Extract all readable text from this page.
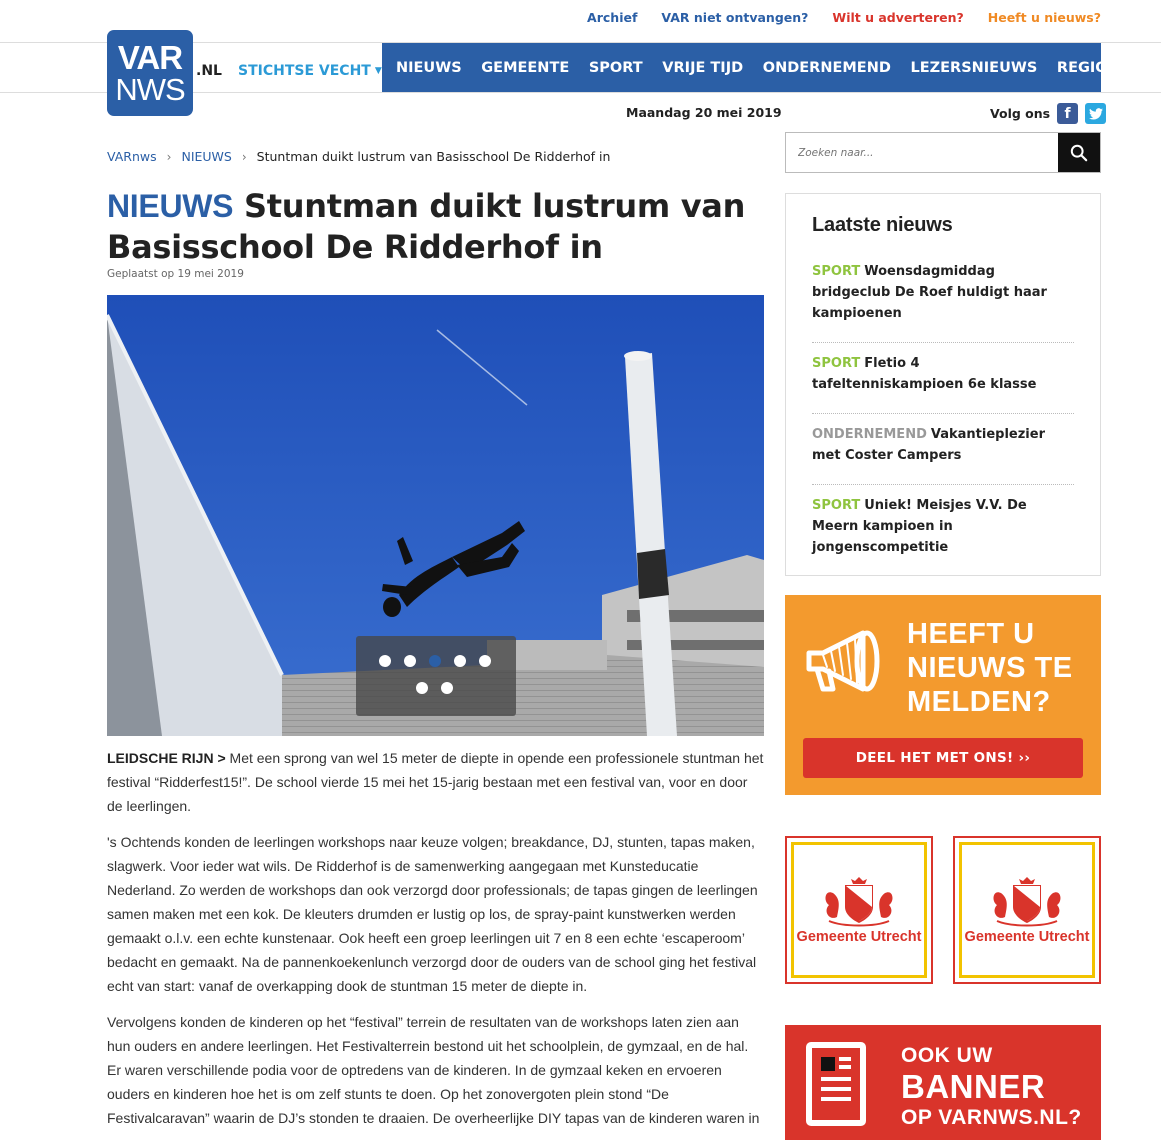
Archief VAR niet ontvangen? Wilt u adverteren? Heeft u nieuws?
VAR
NWS
.NL STICHTSE VECHT ▼ NIEUWS	GEMEENTE	SPORT	VRIJE TIJD	ONDERNEMEND	LEZERSNIEUWS	REGIO
Maandag 20 mei 2019	Volg ons	f
VARnws › NIEUWS › Stuntman duikt lustrum van Basisschool De Ridderhof in
Zoeken naar...
NIEUWS Stuntman duikt lustrum van Basisschool De Ridderhof in
Geplaatst op 19 mei 2019

LEIDSCHE RIJN > Met een sprong van wel 15 meter de diepte in opende een professionele stuntman het festival “Ridderfest15!”. De school vierde 15 mei het 15-jarig bestaan met een festival van, voor en door de leerlingen.

's Ochtends konden de leerlingen workshops naar keuze volgen; breakdance, DJ, stunten, tapas maken, slagwerk. Voor ieder wat wils. De Ridderhof is de samenwerking aangegaan met Kunsteducatie Nederland. Zo werden de workshops dan ook verzorgd door professionals; de tapas gingen de leerlingen samen maken met een kok. De kleuters drumden er lustig op los, de spray-paint kunstwerken werden gemaakt o.l.v. een echte kunstenaar. Ook heeft een groep leerlingen uit 7 en 8 een echte ‘escaperoom’ bedacht en gemaakt. Na de pannenkoekenlunch verzorgd door de ouders van de school ging het festival echt van start: vanaf de overkapping dook de stuntman 15 meter de diepte in.

Vervolgens konden de kinderen op het “festival” terrein de resultaten van de workshops laten zien aan hun ouders en andere leerlingen. Het Festivalterrein bestond uit het schoolplein, de gymzaal, en de hal. Er waren verschillende podia voor de optredens van de kinderen. In de gymzaal keken en ervoeren ouders en kinderen hoe het is om zelf stunts te doen. Op het zonovergoten plein stond “De Festivalcaravan” waarin de DJ’s stonden te draaien. De overheerlijke DIY tapas van de kinderen waren in

Laatste nieuws
SPORT Woensdagmiddag bridgeclub De Roef huldigt haar kampioenen
SPORT Fletio 4 tafeltenniskampioen 6e klasse
ONDERNEMEND Vakantieplezier met Coster Campers
SPORT Uniek! Meisjes V.V. De Meern kampioen in jongenscompetitie
HEEFT U
NIEUWS TE
MELDEN?
DEEL HET MET ONS! ››
Gemeente Utrecht	Gemeente Utrecht
OOK UW
BANNER
OP VARNWS.NL?
